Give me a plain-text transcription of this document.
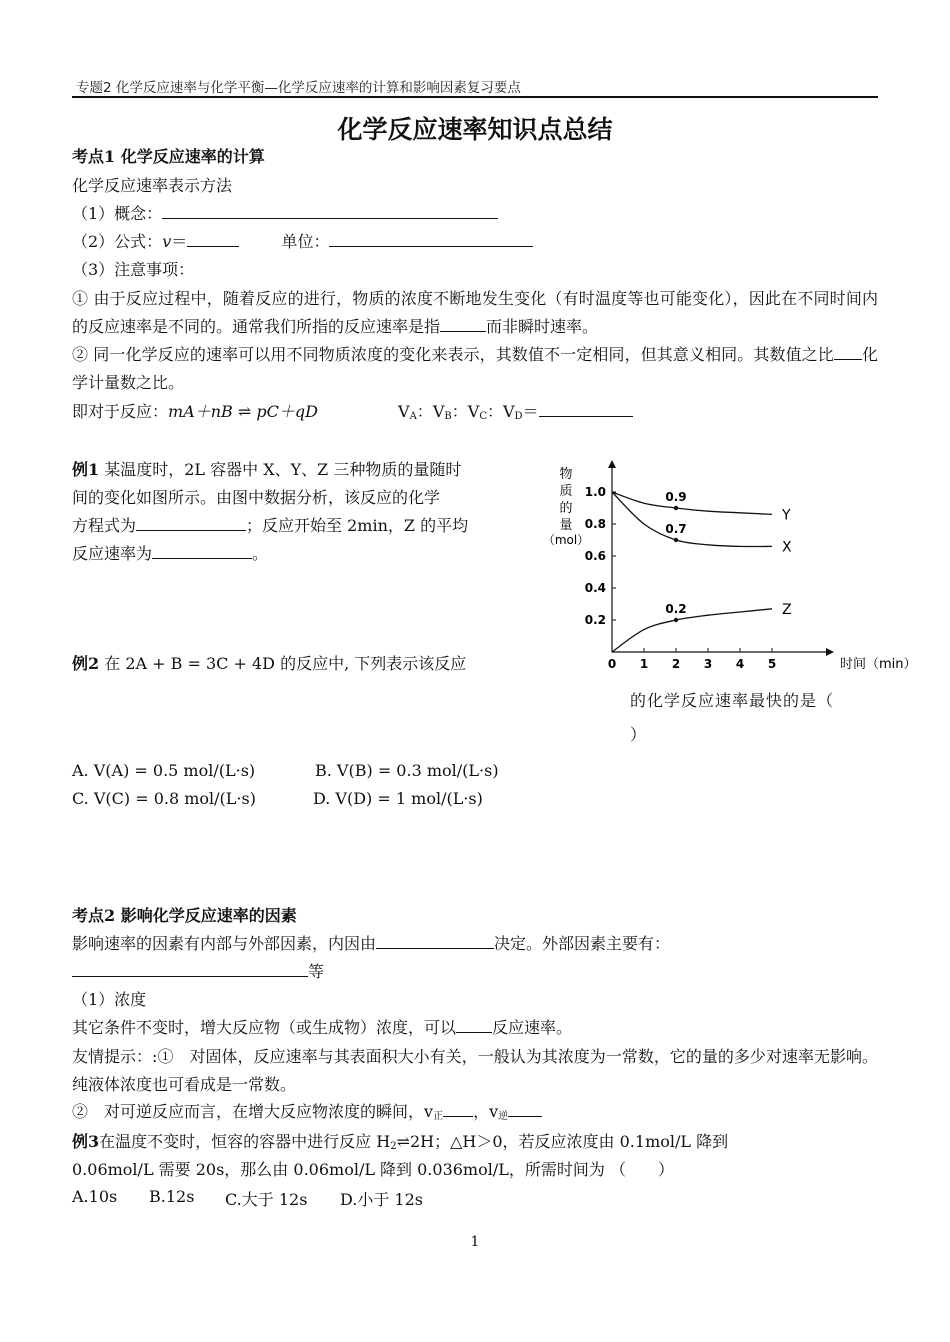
专题2 化学反应速率与化学平衡—化学反应速率的计算和影响因素复习要点
化学反应速率知识点总结
考点1 化学反应速率的计算
化学反应速率表示方法
（1）概念：
（2）公式：v＝	单位：
（3）注意事项：
① 由于反应过程中，随着反应的进行，物质的浓度不断地发生变化（有时温度等也可能变化），因此在不同时间内的反应速率是不同的。通常我们所指的反应速率是指	而非瞬时速率。
② 同一化学反应的速率可以用不同物质浓度的变化来表示，其数值不一定相同，但其意义相同。其数值之比 化学计量数之比。
即对于反应：mA＋nB ⇌ pC＋qD	$V_A$：$V_B$：$V_C$：$V_D=$
例1 某温度时，2L 容器中 X、Y、Z 三种物质的量随时
间的变化如图所示。由图中数据分析，该反应的化学
方程式为	；反应开始至 2min，Z 的平均
反应速率为	。
0 1 2 3 4 5
0.2
0.4
0.6
0.8
1.0
物
质
的
量
（mol）
时间（min）
Y
X
Z
0.9
0.7
0.2
例2 在 2A + B = 3C + 4D 的反应中, 下列表示该反应
的化学反应速率最快的是（
）
A. V(A) = 0.5 mol/(L·s)	B. V(B) = 0.3 mol/(L·s)
C. V(C) = 0.8 mol/(L·s)	D. V(D) = 1 mol/(L·s)
考点2 影响化学反应速率的因素
影响速率的因素有内部与外部因素，内因由	决定。外部因素主要有：
等
（1）浓度
其它条件不变时，增大反应物（或生成物）浓度，可以 反应速率。
友情提示：:①　对固体，反应速率与其表面积大小有关，一般认为其浓度为一常数，它的量的多少对速率无影响。纯液体浓度也可看成是一常数。
②　对可逆反应而言，在增大反应物浓度的瞬间，$v_正$ ，$v_逆$
例3在温度不变时，恒容的容器中进行反应 $H_2\rightleftharpoons 2H$；△H＞0，若反应浓度由 0.1mol/L 降到
0.06mol/L 需要 20s，那么由 0.06mol/L 降到 0.036mol/L，所需时间为 （　　）
A.10s B.12s C.大于 12s D.小于 12s
1
